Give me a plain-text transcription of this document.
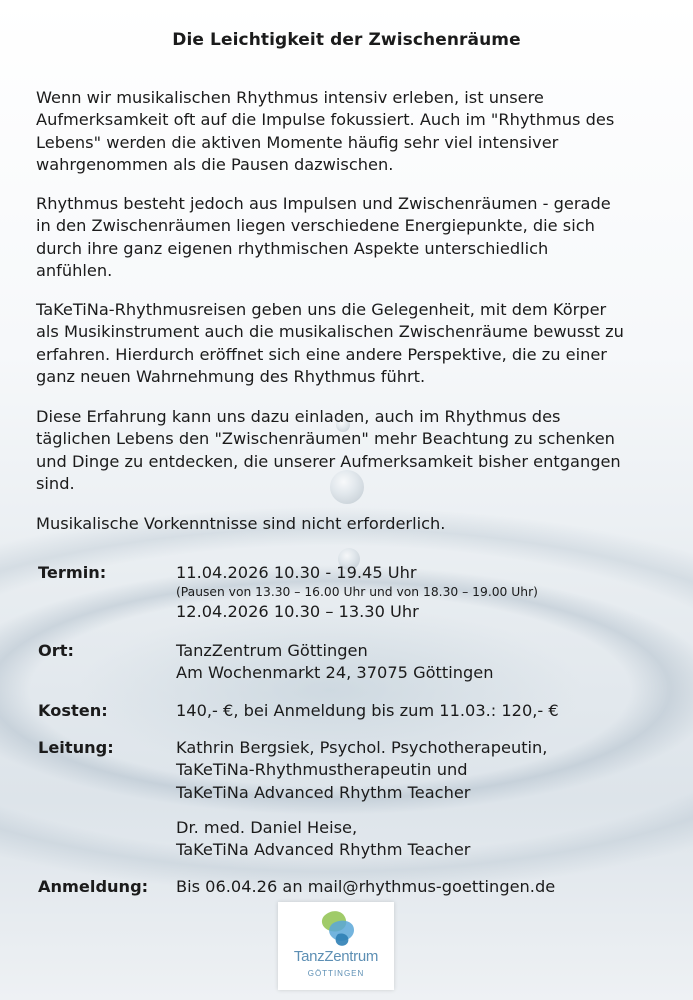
Die Leichtigkeit der Zwischenräume
Wenn wir musikalischen Rhythmus intensiv erleben, ist unsere
Aufmerksamkeit oft auf die Impulse fokussiert. Auch im "Rhythmus des
Lebens" werden die aktiven Momente häufig sehr viel intensiver
wahrgenommen als die Pausen dazwischen.
Rhythmus besteht jedoch aus Impulsen und Zwischenräumen - gerade
in den Zwischenräumen liegen verschiedene Energiepunkte, die sich
durch ihre ganz eigenen rhythmischen Aspekte unterschiedlich
anfühlen.
TaKeTiNa-Rhythmusreisen geben uns die Gelegenheit, mit dem Körper
als Musikinstrument auch die musikalischen Zwischenräume bewusst zu
erfahren. Hierdurch eröffnet sich eine andere Perspektive, die zu einer
ganz neuen Wahrnehmung des Rhythmus führt.
Diese Erfahrung kann uns dazu einladen, auch im Rhythmus des
täglichen Lebens den "Zwischenräumen" mehr Beachtung zu schenken
und Dinge zu entdecken, die unserer Aufmerksamkeit bisher entgangen
sind.
Musikalische Vorkenntnisse sind nicht erforderlich.
Termin:	11.04.2026 10.30 - 19.45 Uhr
(Pausen von 13.30 – 16.00 Uhr und von 18.30 – 19.00 Uhr)
12.04.2026 10.30 – 13.30 Uhr
Ort:	TanzZentrum Göttingen
Am Wochenmarkt 24, 37075 Göttingen
Kosten:	140,- €, bei Anmeldung bis zum 11.03.: 120,- €
Leitung:	Kathrin Bergsiek, Psychol. Psychotherapeutin,
TaKeTiNa-Rhythmustherapeutin und
TaKeTiNa Advanced Rhythm Teacher
Dr. med. Daniel Heise,
TaKeTiNa Advanced Rhythm Teacher
Anmeldung: Bis 06.04.26 an mail@rhythmus-goettingen.de
TanzZentrum
GÖTTINGEN
